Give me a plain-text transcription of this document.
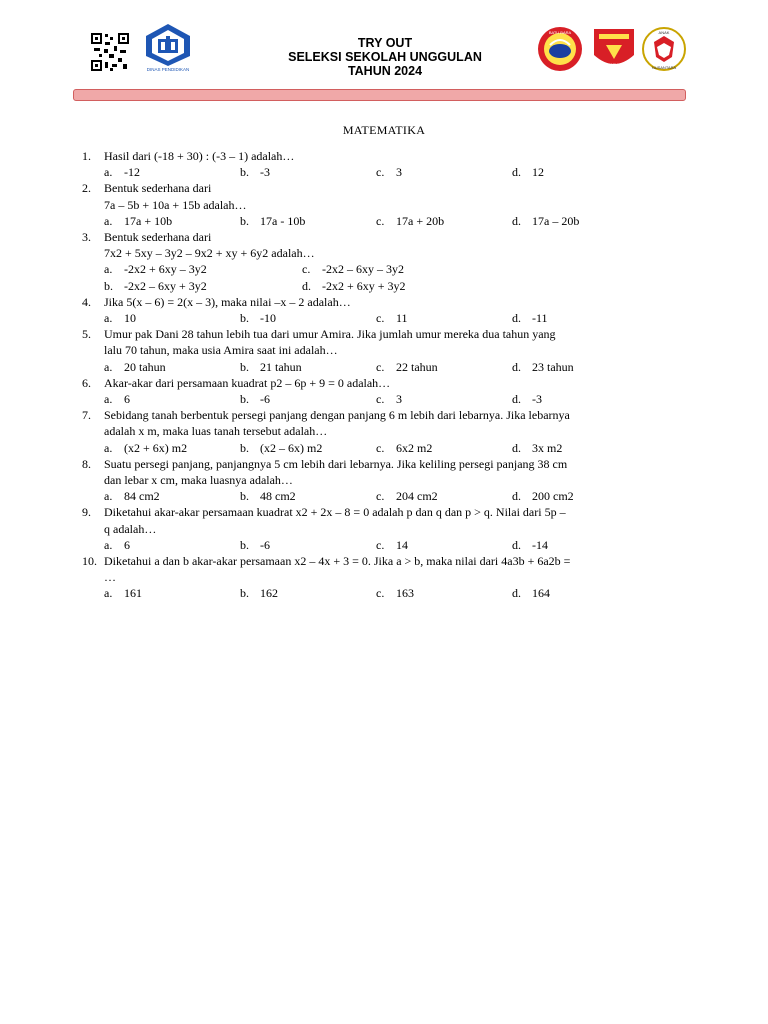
DINAS PENDIDIKAN
TRY OUT
SELEKSI SEKOLAH UNGGULAN
TAHUN 2024
BATU BARA
SATYA
ANAK
NUSANTARA
MATEMATIKA
1.	Hasil dari (-18 + 30) : (-3 – 1) adalah…
a. -12	b. -3	c. 3	d. 12
2.	Bentuk sederhana dari
7a – 5b + 10a + 15b adalah…
a. 17a + 10b	b. 17a - 10b	c. 17a + 20b	d. 17a – 20b
3.	Bentuk sederhana dari
7x2 + 5xy – 3y2 – 9x2 + xy + 6y2 adalah…
a. -2x2 + 6xy – 3y2	c. -2x2 – 6xy – 3y2
b. -2x2 – 6xy + 3y2	d. -2x2 + 6xy + 3y2
4.	Jika 5(x – 6) = 2(x – 3), maka nilai –x – 2 adalah…
a. 10	b. -10	c. 11	d. -11
5.	Umur pak Dani 28 tahun lebih tua dari umur Amira. Jika jumlah umur mereka dua tahun yang
lalu 70 tahun, maka usia Amira saat ini adalah…
a. 20 tahun	b. 21 tahun	c. 22 tahun	d. 23 tahun
6.	Akar-akar dari persamaan kuadrat p2 – 6p + 9 = 0 adalah…
a. 6	b. -6	c. 3	d. -3
7.	Sebidang tanah berbentuk persegi panjang dengan panjang 6 m lebih dari lebarnya. Jika lebarnya
adalah x m, maka luas tanah tersebut adalah…
a. (x2 + 6x) m2	b. (x2 – 6x) m2	c. 6x2 m2	d. 3x m2
8.	Suatu persegi panjang, panjangnya 5 cm lebih dari lebarnya. Jika keliling persegi panjang 38 cm
dan lebar x cm, maka luasnya adalah…
a. 84 cm2	b. 48 cm2	c. 204 cm2	d. 200 cm2
9.	Diketahui akar-akar persamaan kuadrat x2 + 2x – 8 = 0 adalah p dan q dan p > q. Nilai dari 5p –
q adalah…
a. 6	b. -6	c. 14	d. -14
10. Diketahui a dan b akar-akar persamaan x2 – 4x + 3 = 0. Jika a > b, maka nilai dari 4a3b + 6a2b =
…
a. 161	b. 162	c. 163	d. 164
